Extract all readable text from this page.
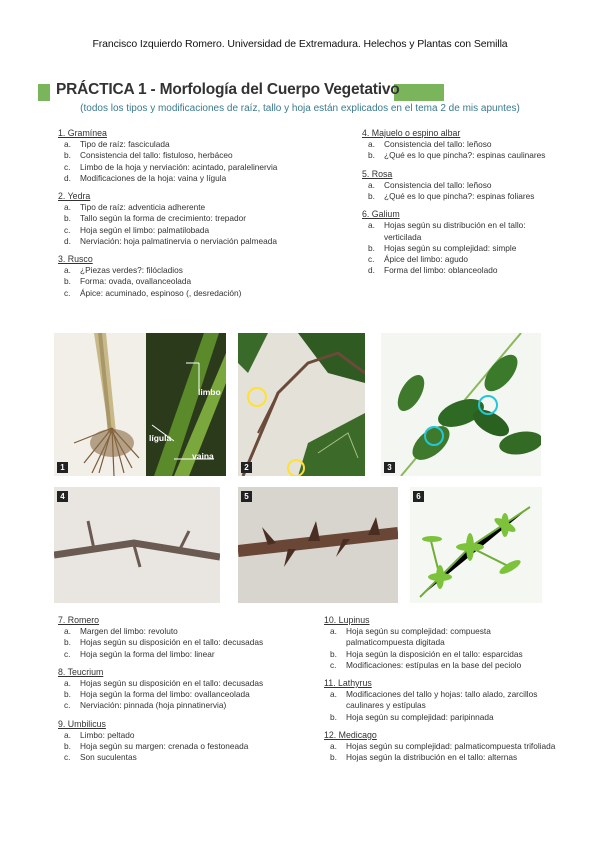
Francisco Izquierdo Romero. Universidad de Extremadura. Helechos y Plantas con Semilla
PRÁCTICA 1 - Morfología del Cuerpo Vegetativo
(todos los tipos y modificaciones de raíz, tallo y hoja están explicados en el tema 2 de mis apuntes)
1. Gramínea
a.	Tipo de raíz: fasciculada
b.	Consistencia del tallo: fistuloso, herbáceo
c.	Limbo de la hoja y nerviación: acintado, paralelinervia
d.	Modificaciones de la hoja: vaina y lígula
2. Yedra
a.	Tipo de raíz: adventicia adherente
b.	Tallo según la forma de crecimiento: trepador
c.	Hoja según el limbo: palmatilobada
d.	Nerviación: hoja palmatinervia o nerviación palmeada
3. Rusco
a.	¿Piezas verdes?: filócladios
b.	Forma: ovada, ovallanceolada
c.	Ápice: acuminado, espinoso (, desredación)
4. Majuelo o espino albar
a.	Consistencia del tallo: leñoso
b.	¿Qué es lo que pincha?: espinas caulinares
5. Rosa
a.	Consistencia del tallo: leñoso
b.	¿Qué es lo que pincha?: espinas foliares
6. Galium
a.	Hojas según su distribución en el tallo: verticilada
b.	Hojas según su complejidad: simple
c.	Ápice del limbo: agudo
d.	Forma del limbo: oblanceolado
limbo
lígula
vaina
1	2	3
4	5	6
7. Romero
a.	Margen del limbo: revoluto
b.	Hojas según su disposición en el tallo: decusadas
c.	Hoja según la forma del limbo: linear
8. Teucrium
a.	Hojas según su disposición en el tallo: decusadas
b.	Hoja según la forma del limbo: ovallanceolada
c.	Nerviación: pinnada (hoja pinnatinervia)
9. Umbilicus
a.	Limbo: peltado
b.	Hoja según su margen: crenada o festoneada
c.	Son suculentas
10. Lupinus
a.	Hoja según su complejidad: compuesta palmaticompuesta digitada
b.	Hoja según la disposición en el tallo: esparcidas
c.	Modificaciones: estípulas en la base del peciolo
11. Lathyrus
a.	Modificaciones del tallo y hojas: tallo alado, zarcillos caulinares y estípulas
b.	Hoja según su complejidad: paripinnada
12. Medicago
a.	Hojas según su complejidad: palmaticompuesta trifoliada
b.	Hojas según la distribución en el tallo: alternas
